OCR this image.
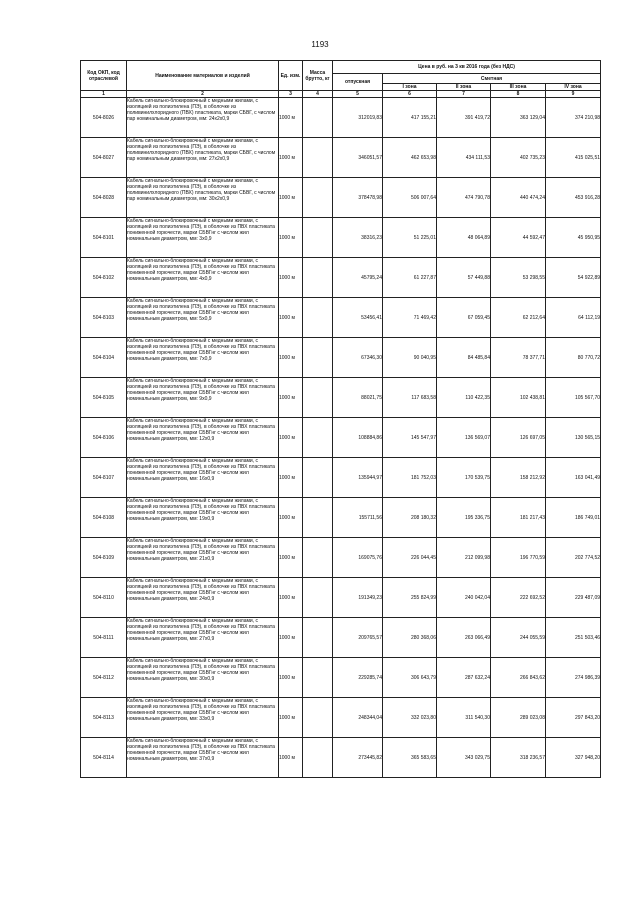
1193
Код ОКП, код отраслевой	Наименование материалов и изделий	Ед. изм.	Масса брутто, кг	Цена в руб. на 3 кв 2016 года (без НДС)				
				отпускная	Сметная			
					I зона	II зона	III зона	IV зона
1	2	3	4	5	6	7	8	9
504-8026	Кабель сигнально-блокировочный с медными жилами, с изоляцией из полиэтилена (ПЭ), в оболочке из поливинилхлоридного (ПВХ) пластиката, марки СБВГ, с числом пар номинальным диаметром, мм: 24х2х0,9	1000 м		312019,83	417 155,21	391 419,72	363 129,04	374 210,98
504-8027	Кабель сигнально-блокировочный с медными жилами, с изоляцией из полиэтилена (ПЭ), в оболочке из поливинилхлоридного (ПВХ) пластиката, марки СБВГ, с числом пар номинальным диаметром, мм: 27х2х0,9	1000 м		346051,57	462 653,98	434 111,53	402 735,23	415 025,51
504-8028	Кабель сигнально-блокировочный с медными жилами, с изоляцией из полиэтилена (ПЭ), в оболочке из поливинилхлоридного (ПВХ) пластиката, марки СБВГ, с числом пар номинальным диаметром, мм: 30х2х0,9	1000 м		378478,98	506 007,64	474 790,78	440 474,24	453 916,28
504-8101	Кабель сигнально-блокировочный с медными жилами, с изоляцией из полиэтилена (ПЭ), в оболочке из ПВХ пластиката пониженной горючести, марки СБВГнг с числом жил номинальным диаметром, мм: 3х0,9	1000 м		38316,23	51 225,01	48 064,89	44 592,47	45 950,95
504-8102	Кабель сигнально-блокировочный с медными жилами, с изоляцией из полиэтилена (ПЭ), в оболочке из ПВХ пластиката пониженной горючести, марки СБВГнг с числом жил номинальным диаметром, мм: 4х0,9	1000 м		45795,24	61 227,87	57 449,88	53 298,55	54 922,89
504-8103	Кабель сигнально-блокировочный с медными жилами, с изоляцией из полиэтилена (ПЭ), в оболочке из ПВХ пластиката пониженной горючести, марки СБВГнг с числом жил номинальным диаметром, мм: 5х0,9	1000 м		53456,41	71 469,42	67 059,45	62 212,64	64 112,19
504-8104	Кабель сигнально-блокировочный с медными жилами, с изоляцией из полиэтилена (ПЭ), в оболочке из ПВХ пластиката пониженной горючести, марки СБВГнг с числом жил номинальным диаметром, мм: 7х0,9	1000 м		67346,30	90 040,95	84 485,84	78 377,71	80 770,72
504-8105	Кабель сигнально-блокировочный с медными жилами, с изоляцией из полиэтилена (ПЭ), в оболочке из ПВХ пластиката пониженной горючести, марки СБВГнг с числом жил номинальным диаметром, мм: 9х0,9	1000 м		88021,75	117 683,58	110 422,35	102 438,81	105 567,70
504-8106	Кабель сигнально-блокировочный с медными жилами, с изоляцией из полиэтилена (ПЭ), в оболочке из ПВХ пластиката пониженной горючести, марки СБВГнг с числом жил номинальным диаметром, мм: 12х0,9	1000 м		108884,86	145 547,97	136 569,07	126 697,05	130 565,15
504-8107	Кабель сигнально-блокировочный с медными жилами, с изоляцией из полиэтилена (ПЭ), в оболочке из ПВХ пластиката пониженной горючести, марки СБВГнг с числом жил номинальным диаметром, мм: 16х0,9	1000 м		135944,97	181 752,03	170 539,75	158 212,92	163 041,49
504-8108	Кабель сигнально-блокировочный с медными жилами, с изоляцией из полиэтилена (ПЭ), в оболочке из ПВХ пластиката пониженной горючести, марки СБВГнг с числом жил номинальным диаметром, мм: 19х0,9	1000 м		155711,56	208 180,32	195 336,75	181 217,43	186 749,01
504-8109	Кабель сигнально-блокировочный с медными жилами, с изоляцией из полиэтилена (ПЭ), в оболочке из ПВХ пластиката пониженной горючести, марки СБВГнг с числом жил номинальным диаметром, мм: 21х0,9	1000 м		169075,76	226 044,45	212 099,98	196 770,59	202 774,52
504-8110	Кабель сигнально-блокировочный с медными жилами, с изоляцией из полиэтилена (ПЭ), в оболочке из ПВХ пластиката пониженной горючести, марки СБВГнг с числом жил номинальным диаметром, мм: 24х0,9	1000 м		191349,23	255 824,99	240 042,04	222 692,52	229 487,09
504-8111	Кабель сигнально-блокировочный с медными жилами, с изоляцией из полиэтилена (ПЭ), в оболочке из ПВХ пластиката пониженной горючести, марки СБВГнг с числом жил номинальным диаметром, мм: 27х0,9	1000 м		209765,57	280 368,06	263 066,49	244 055,59	251 503,46
504-8112	Кабель сигнально-блокировочный с медными жилами, с изоляцией из полиэтилена (ПЭ), в оболочке из ПВХ пластиката пониженной горючести, марки СБВГнг с числом жил номинальным диаметром, мм: 30х0,9	1000 м		229285,74	306 643,79	287 632,24	266 843,62	274 986,39
504-8113	Кабель сигнально-блокировочный с медными жилами, с изоляцией из полиэтилена (ПЭ), в оболочке из ПВХ пластиката пониженной горючести, марки СБВГнг с числом жил номинальным диаметром, мм: 33х0,9	1000 м		248344,04	332 023,80	311 540,30	289 023,08	297 843,20
504-8114	Кабель сигнально-блокировочный с медными жилами, с изоляцией из полиэтилена (ПЭ), в оболочке из ПВХ пластиката пониженной горючести, марки СБВГнг с числом жил номинальным диаметром, мм: 37х0,9	1000 м		273445,82	365 583,65	343 029,75	318 236,57	327 948,20
